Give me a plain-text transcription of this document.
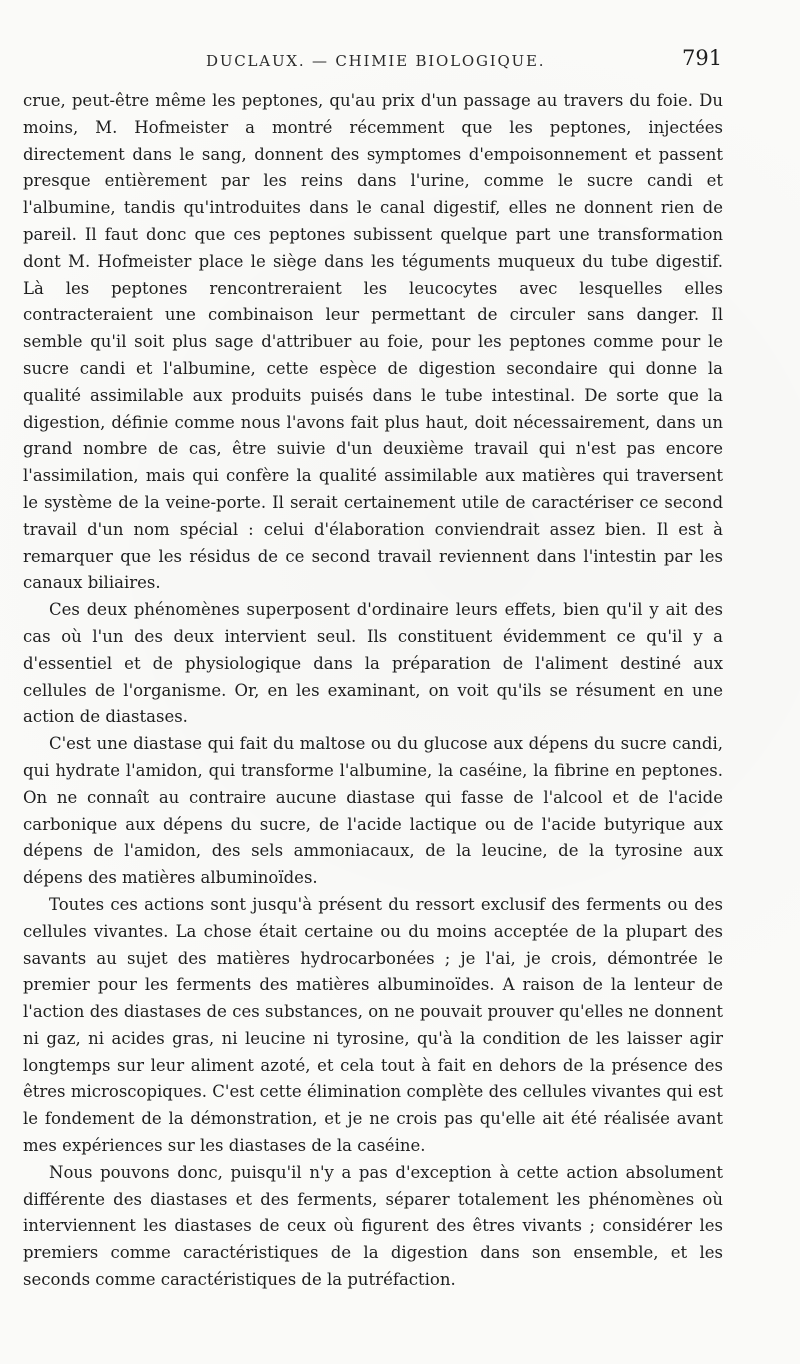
DUCLAUX. — CHIMIE BIOLOGIQUE.	791

crue, peut-être même les peptones, qu'au prix d'un passage au travers du foie. Du moins, M. Hofmeister a montré récemment que les peptones, injectées directement dans le sang, donnent des symptomes d'empoisonnement et passent presque entièrement par les reins dans l'urine, comme le sucre candi et l'albumine, tandis qu'introduites dans le canal digestif, elles ne donnent rien de pareil. Il faut donc que ces peptones subissent quelque part une transformation dont M. Hofmeister place le siège dans les téguments muqueux du tube digestif. Là les peptones rencontreraient les leucocytes avec lesquelles elles contracteraient une combinaison leur permettant de circuler sans danger. Il semble qu'il soit plus sage d'attribuer au foie, pour les peptones comme pour le sucre candi et l'albumine, cette espèce de digestion secondaire qui donne la qualité assimilable aux produits puisés dans le tube intestinal. De sorte que la digestion, définie comme nous l'avons fait plus haut, doit nécessairement, dans un grand nombre de cas, être suivie d'un deuxième travail qui n'est pas encore l'assimilation, mais qui confère la qualité assimilable aux matières qui traversent le système de la veine-porte. Il serait certainement utile de caractériser ce second travail d'un nom spécial : celui d'élaboration conviendrait assez bien. Il est à remarquer que les résidus de ce second travail reviennent dans l'intestin par les canaux biliaires.

Ces deux phénomènes superposent d'ordinaire leurs effets, bien qu'il y ait des cas où l'un des deux intervient seul. Ils constituent évidemment ce qu'il y a d'essentiel et de physiologique dans la préparation de l'aliment destiné aux cellules de l'organisme. Or, en les examinant, on voit qu'ils se résument en une action de diastases.

C'est une diastase qui fait du maltose ou du glucose aux dépens du sucre candi, qui hydrate l'amidon, qui transforme l'albumine, la caséine, la fibrine en peptones. On ne connaît au contraire aucune diastase qui fasse de l'alcool et de l'acide carbonique aux dépens du sucre, de l'acide lactique ou de l'acide butyrique aux dépens de l'amidon, des sels ammoniacaux, de la leucine, de la tyrosine aux dépens des matières albuminoïdes.

Toutes ces actions sont jusqu'à présent du ressort exclusif des ferments ou des cellules vivantes. La chose était certaine ou du moins acceptée de la plupart des savants au sujet des matières hydrocarbonées ; je l'ai, je crois, démontrée le premier pour les ferments des matières albuminoïdes. A raison de la lenteur de l'action des diastases de ces substances, on ne pouvait prouver qu'elles ne donnent ni gaz, ni acides gras, ni leucine ni tyrosine, qu'à la condition de les laisser agir longtemps sur leur aliment azoté, et cela tout à fait en dehors de la présence des êtres microscopiques. C'est cette élimination complète des cellules vivantes qui est le fondement de la démonstration, et je ne crois pas qu'elle ait été réalisée avant mes expériences sur les diastases de la caséine.

Nous pouvons donc, puisqu'il n'y a pas d'exception à cette action absolument différente des diastases et des ferments, séparer totalement les phénomènes où interviennent les diastases de ceux où figurent des êtres vivants ; considérer les premiers comme caractéristiques de la digestion dans son ensemble, et les seconds comme caractéristiques de la putréfaction.
